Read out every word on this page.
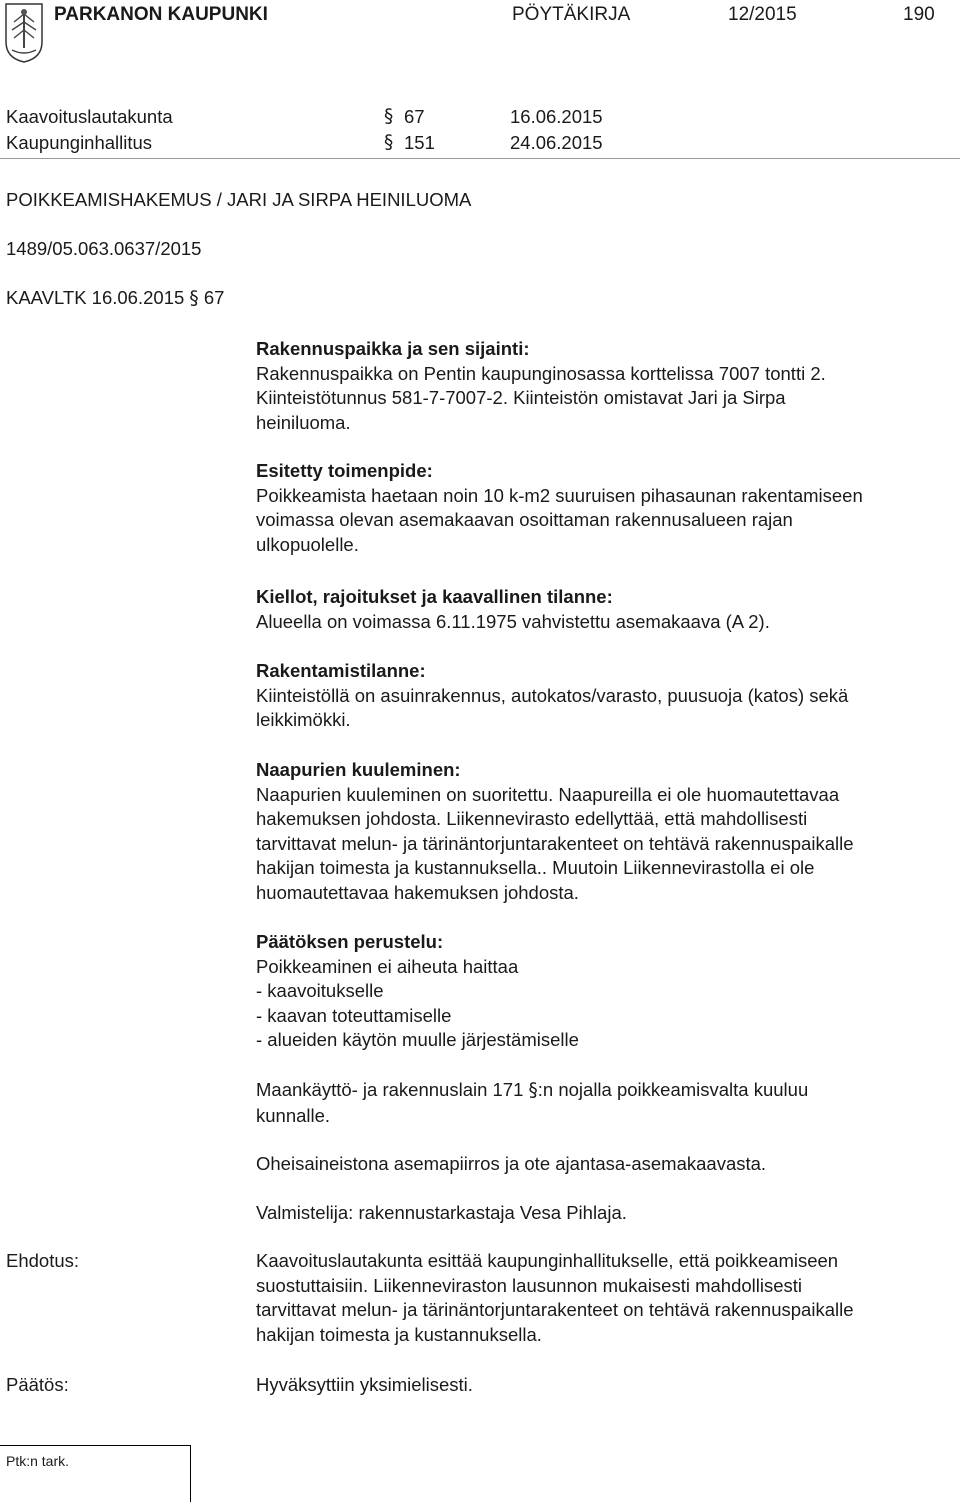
PARKANON KAUPUNKI	PÖYTÄKIRJA	12/2015	190
Kaavoituslautakunta	§ 67	16.06.2015
Kaupunginhallitus	§ 151	24.06.2015
POIKKEAMISHAKEMUS / JARI JA SIRPA HEINILUOMA
1489/05.063.0637/2015
KAAVLTK 16.06.2015 § 67
Rakennuspaikka ja sen sijainti:
Rakennuspaikka on Pentin kaupunginosassa korttelissa 7007 tontti 2.
Kiinteistötunnus 581-7-7007-2. Kiinteistön omistavat Jari ja Sirpa
heiniluoma.
Esitetty toimenpide:
Poikkeamista haetaan noin 10 k-m2 suuruisen pihasaunan rakentamiseen
voimassa olevan asemakaavan osoittaman rakennusalueen rajan
ulkopuolelle.
Kiellot, rajoitukset ja kaavallinen tilanne:
Alueella on voimassa 6.11.1975 vahvistettu asemakaava (A 2).
Rakentamistilanne:
Kiinteistöllä on asuinrakennus, autokatos/varasto, puusuoja (katos) sekä
leikkimökki.
Naapurien kuuleminen:
Naapurien kuuleminen on suoritettu. Naapureilla ei ole huomautettavaa
hakemuksen johdosta. Liikennevirasto edellyttää, että mahdollisesti
tarvittavat melun- ja tärinäntorjuntarakenteet on tehtävä rakennuspaikalle
hakijan toimesta ja kustannuksella.. Muutoin Liikennevirastolla ei ole
huomautettavaa hakemuksen johdosta.
Päätöksen perustelu:
Poikkeaminen ei aiheuta haittaa
- kaavoitukselle
- kaavan toteuttamiselle
- alueiden käytön muulle järjestämiselle
Maankäyttö- ja rakennuslain 171 §:n nojalla poikkeamisvalta kuuluu
kunnalle.
Oheisaineistona asemapiirros ja ote ajantasa-asemakaavasta.
Valmistelija: rakennustarkastaja Vesa Pihlaja.
Ehdotus:	Kaavoituslautakunta esittää kaupunginhallitukselle, että poikkeamiseen
suostuttaisiin. Liikenneviraston lausunnon mukaisesti mahdollisesti
tarvittavat melun- ja tärinäntorjuntarakenteet on tehtävä rakennuspaikalle
hakijan toimesta ja kustannuksella.
Päätös:	Hyväksyttiin yksimielisesti.
Ptk:n tark.
